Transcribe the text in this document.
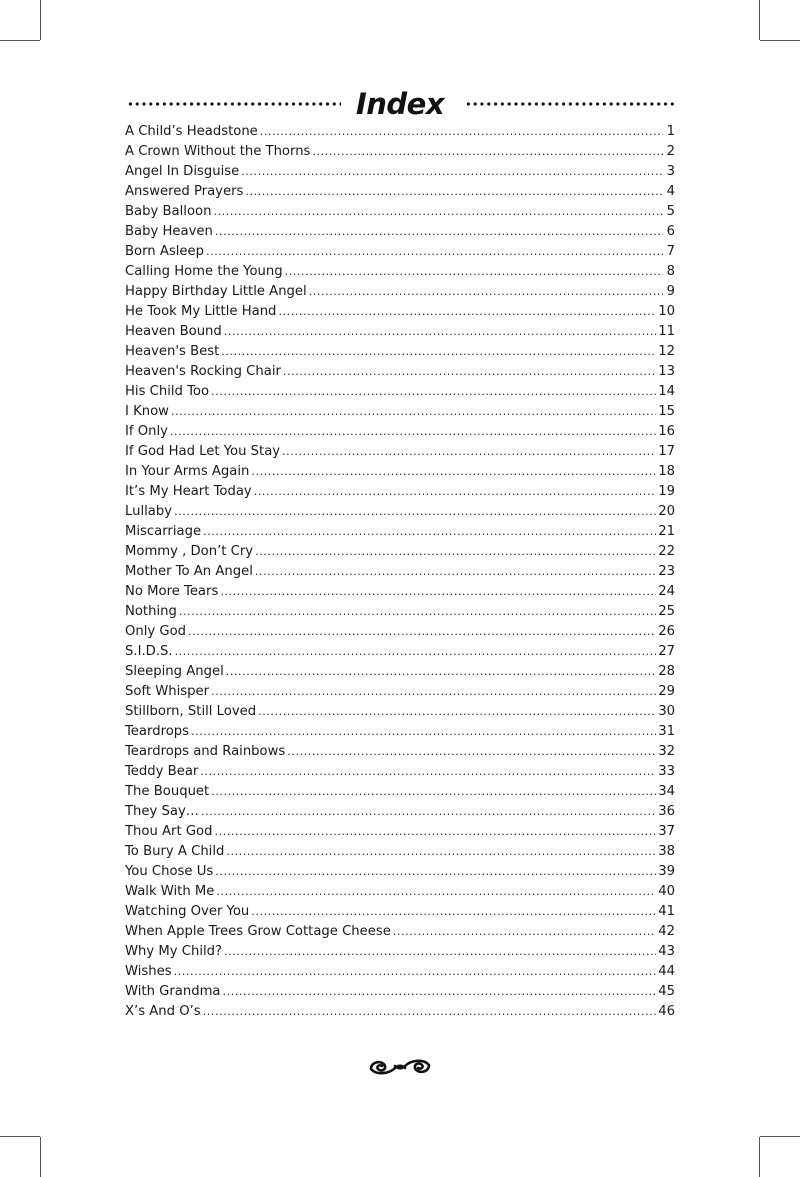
Index
A Child’s Headstone .....	1
A Crown Without the Thorns .....	2
Angel In Disguise .....	3
Answered Prayers .....	4
Baby Balloon .....	5
Baby Heaven .....	6
Born Asleep .....	7
Calling Home the Young .....	8
Happy Birthday Little Angel .....	9
He Took My Little Hand .....	10
Heaven Bound .....	11
Heaven's Best .....	12
Heaven's Rocking Chair .....	13
His Child Too .....	14
I Know .....	15
If Only .....	16
If God Had Let You Stay .....	17
In Your Arms Again .....	18
It’s My Heart Today .....	19
Lullaby .....	20
Miscarriage .....	21
Mommy , Don’t Cry .....	22
Mother To An Angel .....	23
No More Tears .....	24
Nothing .....	25
Only God .....	26
S.I.D.S. .....	27
Sleeping Angel .....	28
Soft Whisper .....	29
Stillborn, Still Loved .....	30
Teardrops .....	31
Teardrops and Rainbows .....	32
Teddy Bear .....	33
The Bouquet .....	34
They Say… .....	36
Thou Art God .....	37
To Bury A Child .....	38
You Chose Us .....	39
Walk With Me .....	40
Watching Over You .....	41
When Apple Trees Grow Cottage Cheese .....	42
Why My Child? .....	43
Wishes .....	44
With Grandma .....	45
X’s And O’s .....	46
